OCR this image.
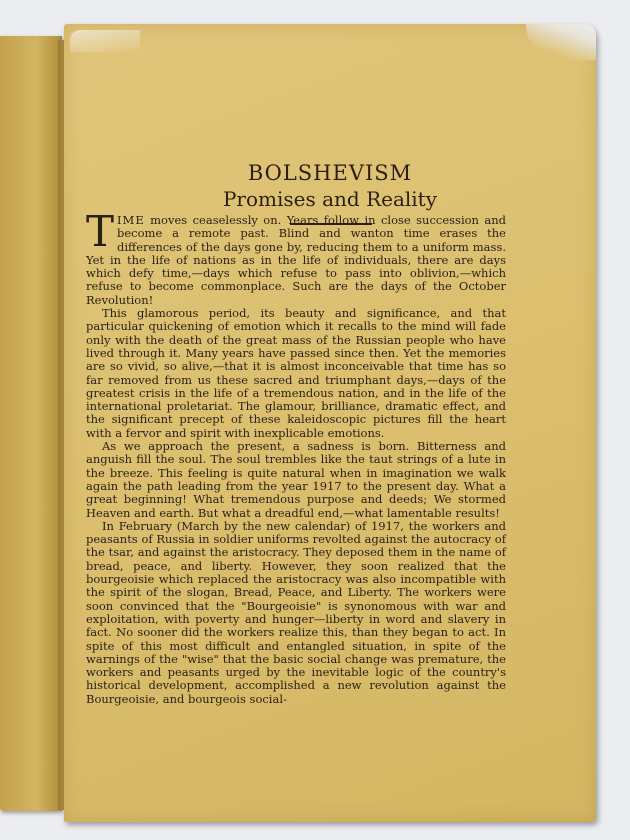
BOLSHEVISM
Promises and Reality

TIME moves ceaselessly on. Years follow in close succession and become a remote past. Blind and wanton time erases the differences of the days gone by, reducing them to a uniform mass. Yet in the life of nations as in the life of individuals, there are days which defy time,—days which refuse to pass into oblivion,—which refuse to become commonplace. Such are the days of the October Revolution!

This glamorous period, its beauty and significance, and that particular quickening of emotion which it recalls to the mind will fade only with the death of the great mass of the Russian people who have lived through it. Many years have passed since then. Yet the memories are so vivid, so alive,—that it is almost inconceivable that time has so far removed from us these sacred and triumphant days,—days of the greatest crisis in the life of a tremendous nation, and in the life of the international proletariat. The glamour, brilliance, dramatic effect, and the significant precept of these kaleidoscopic pictures fill the heart with a fervor and spirit with inexplicable emotions.

As we approach the present, a sadness is born. Bitterness and anguish fill the soul. The soul trembles like the taut strings of a lute in the breeze. This feeling is quite natural when in imagination we walk again the path leading from the year 1917 to the present day. What a great beginning! What tremendous purpose and deeds; We stormed Heaven and earth. But what a dreadful end,—what lamentable results!

In February (March by the new calendar) of 1917, the workers and peasants of Russia in soldier uniforms revolted against the autocracy of the tsar, and against the aristocracy. They deposed them in the name of bread, peace, and liberty. However, they soon realized that the bourgeoisie which replaced the aristocracy was also incompatible with the spirit of the slogan, Bread, Peace, and Liberty. The workers were soon convinced that the "Bourgeoisie" is synonomous with war and exploitation, with poverty and hunger—liberty in word and slavery in fact. No sooner did the workers realize this, than they began to act. In spite of this most difficult and entangled situation, in spite of the warnings of the "wise" that the basic social change was premature, the workers and peasants urged by the inevitable logic of the country's historical development, accomplished a new revolution against the Bourgeoisie, and bourgeois social-
